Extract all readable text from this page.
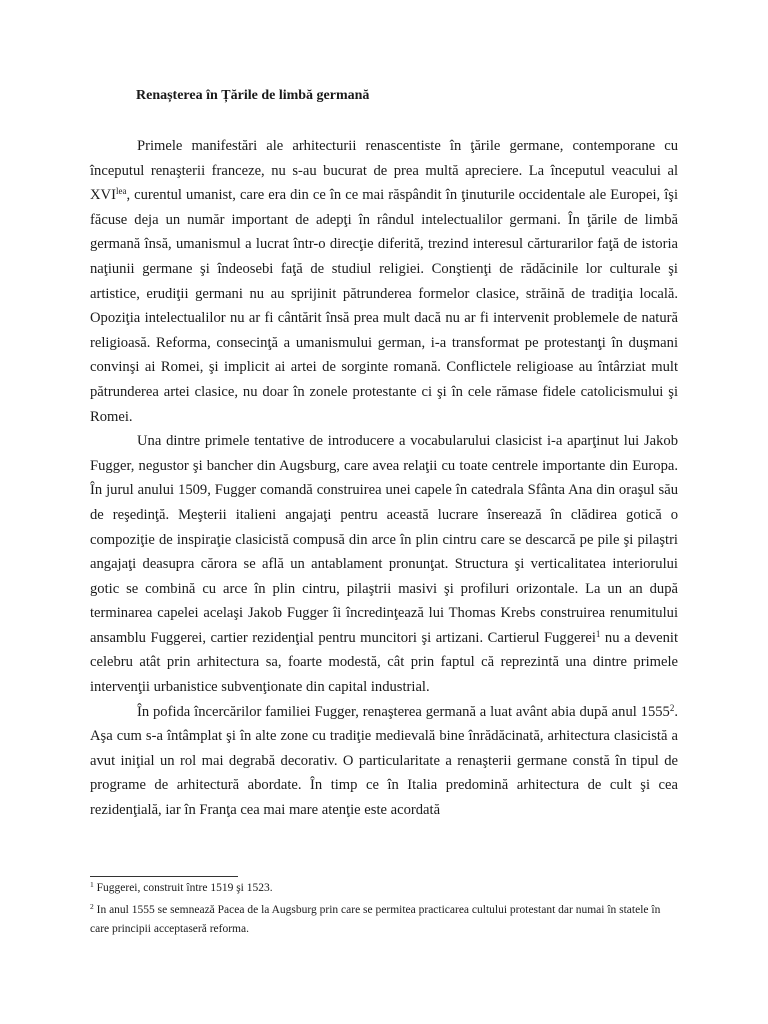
Renașterea în Țările de limbă germană

Primele manifestări ale arhitecturii renascentiste în ţările germane, contemporane cu începutul renaşterii franceze, nu s-au bucurat de prea multă apreciere. La începutul veacului al $XVI^{lea}$, curentul umanist, care era din ce în ce mai răspândit în ţinuturile occidentale ale Europei, îşi făcuse deja un număr important de adepţi în rândul intelectualilor germani. În ţările de limbă germană însă, umanismul a lucrat într-o direcţie diferită, trezind interesul cărturarilor faţă de istoria naţiunii germane şi îndeosebi faţă de studiul religiei. Conştienţi de rădăcinile lor culturale şi artistice, erudiţii germani nu au sprijinit pătrunderea formelor clasice, străină de tradiţia locală. Opoziţia intelectualilor nu ar fi cântărit însă prea mult dacă nu ar fi intervenit problemele de natură religioasă. Reforma, consecinţă a umanismului german, i-a transformat pe protestanţi în duşmani convinşi ai Romei, şi implicit ai artei de sorginte romană. Conflictele religioase au întârziat mult pătrunderea artei clasice, nu doar în zonele protestante ci şi în cele rămase fidele catolicismului şi Romei.

Una dintre primele tentative de introducere a vocabularului clasicist i-a aparţinut lui Jakob Fugger, negustor şi bancher din Augsburg, care avea relaţii cu toate centrele importante din Europa. În jurul anului 1509, Fugger comandă construirea unei capele în catedrala Sfânta Ana din oraşul său de reşedinţă. Meşterii italieni angajaţi pentru această lucrare înserează în clădirea gotică o compoziţie de inspiraţie clasicistă compusă din arce în plin cintru care se descarcă pe pile şi pilaştri angajaţi deasupra cărora se află un antablament pronunţat. Structura şi verticalitatea interiorului gotic se combină cu arce în plin cintru, pilaştrii masivi şi profiluri orizontale. La un an după terminarea capelei acelaşi Jakob Fugger îi încredinţează lui Thomas Krebs construirea renumitului ansamblu Fuggerei, cartier rezidenţial pentru muncitori şi artizani. Cartierul Fuggerei$^1$ nu a devenit celebru atât prin arhitectura sa, foarte modestă, cât prin faptul că reprezintă una dintre primele intervenţii urbanistice subvenţionate din capital industrial.

În pofida încercărilor familiei Fugger, renaşterea germană a luat avânt abia după anul 1555$^2$. Aşa cum s-a întâmplat şi în alte zone cu tradiţie medievală bine înrădăcinată, arhitectura clasicistă a avut iniţial un rol mai degrabă decorativ. O particularitate a renaşterii germane constă în tipul de programe de arhitectură abordate. În timp ce în Italia predomină arhitectura de cult şi cea rezidenţială, iar în Franţa cea mai mare atenţie este acordată

$^1$ Fuggerei, construit între 1519 şi 1523.

$^2$ In anul 1555 se semnează Pacea de la Augsburg prin care se permitea practicarea cultului protestant dar numai în statele în care principii acceptaseră reforma.
